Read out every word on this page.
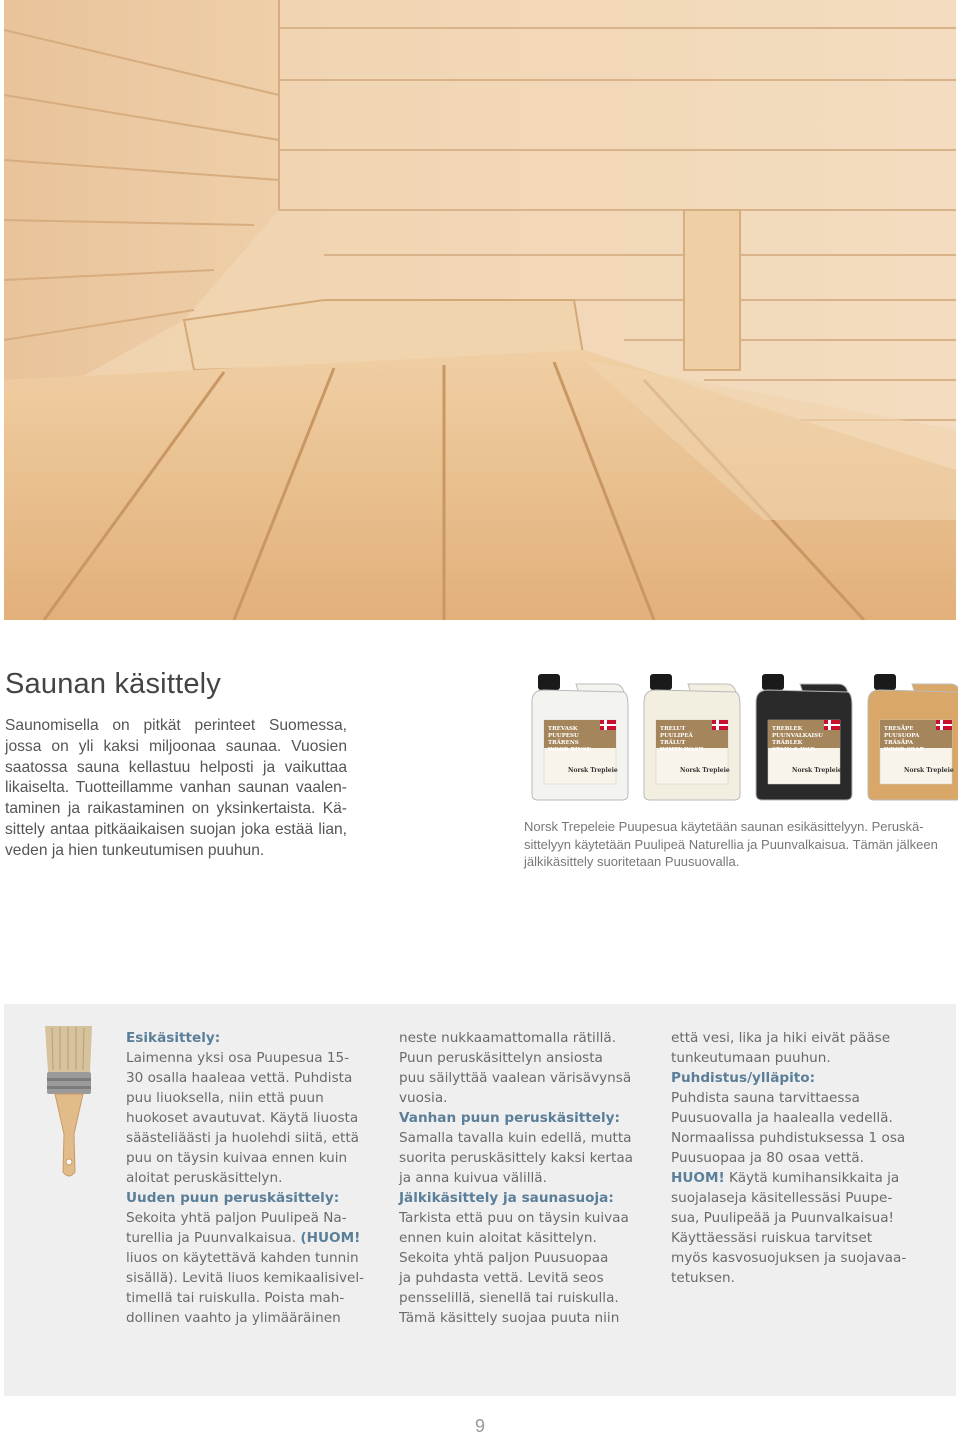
Saunan käsittely
Saunomisella on pitkät perinteet Suomessa,
jossa on yli kaksi miljoonaa saunaa. Vuosien
saatossa sauna kellastuu helposti ja vaikuttaa
likaiselta. Tuotteillamme vanhan saunan vaalen-
taminen ja raikastaminen on yksinkertaista. Kä-
sittely antaa pitkäaikaisen suojan joka estää lian,
veden ja hien tunkeutumisen puuhun.
TREVASK
PUUPESU
TRÄRENS
WOOD RINSE
Norsk Trepleie
TRELUT
PUULIPEÄ
TRÄLUT
WHITE WASH
Norsk Trepleie
TREBLEK
PUUNVALKAISU
TRÄBLEK
STAIN & WAX
Norsk Trepleie
TRESÅPE
PUUSUOPA
TRÄSÅPA
WOOD SOAP
Norsk Trepleie
Norsk Trepeleie Puupesua käytetään saunan esikäsittelyyn. Peruskä-
sittelyyn käytetään Puulipeä Naturellia ja Puunvalkaisua. Tämän jälkeen
jälkikäsittely suoritetaan Puusuovalla.
Esikäsittely:
Laimenna yksi osa Puupesua 15-
30 osalla haaleaa vettä. Puhdista
puu liuoksella, niin että puun
huokoset avautuvat. Käytä liuosta
säästeliäästi ja huolehdi siitä, että
puu on täysin kuivaa ennen kuin
aloitat peruskäsittelyn.
Uuden puun peruskäsittely:
Sekoita yhtä paljon Puulipeä Na-
turellia ja Puunvalkaisua. (HUOM!
liuos on käytettävä kahden tunnin
sisällä). Levitä liuos kemikaalisivel-
timellä tai ruiskulla. Poista mah-
dollinen vaahto ja ylimääräinen
neste nukkaamattomalla rätillä.
Puun peruskäsittelyn ansiosta
puu säilyttää vaalean värisävynsä
vuosia.
Vanhan puun peruskäsittely:
Samalla tavalla kuin edellä, mutta
suorita peruskäsittely kaksi kertaa
ja anna kuivua välillä.
Jälkikäsittely ja saunasuoja:
Tarkista että puu on täysin kuivaa
ennen kuin aloitat käsittelyn.
Sekoita yhtä paljon Puusuopaa
ja puhdasta vettä. Levitä seos
pensselillä, sienellä tai ruiskulla.
Tämä käsittely suojaa puuta niin
että vesi, lika ja hiki eivät pääse
tunkeutumaan puuhun.
Puhdistus/ylläpito:
Puhdista sauna tarvittaessa
Puusuovalla ja haalealla vedellä.
Normaalissa puhdistuksessa 1 osa
Puusuopaa ja 80 osaa vettä.
HUOM! Käytä kumihansikkaita ja
suojalaseja käsitellessäsi Puupe-
sua, Puulipeää ja Puunvalkaisua!
Käyttäessäsi ruiskua tarvitset
myös kasvosuojuksen ja suojavaa-
tetuksen.
9
